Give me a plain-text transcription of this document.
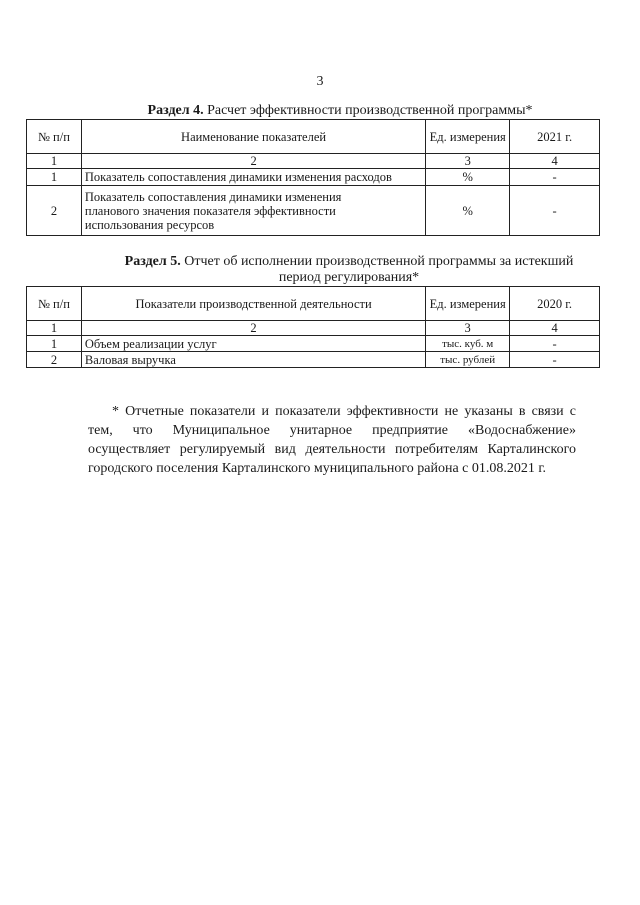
3
Раздел 4. Расчет эффективности производственной программы*
№ п/п	Наименование показателей	Ед. измерения	2021 г.
1	2	3	4
1	Показатель сопоставления динамики изменения расходов	%	-
2	Показатель сопоставления динамики изменения планового значения показателя эффективности использования ресурсов	%	-
Раздел 5. Отчет об исполнении производственной программы за истекший период регулирования*
№ п/п	Показатели производственной деятельности	Ед. измерения	2020 г.
1	2	3	4
1	Объем реализации услуг	тыс. куб. м	-
2	Валовая выручка	тыс. рублей	-

* Отчетные показатели и показатели эффективности не указаны в связи с

тем, что Муниципальное унитарное предприятие «Водоснабжение»

осуществляет регулируемый вид деятельности потребителям Карталинского

городского поселения Карталинского муниципального района с 01.08.2021 г.
